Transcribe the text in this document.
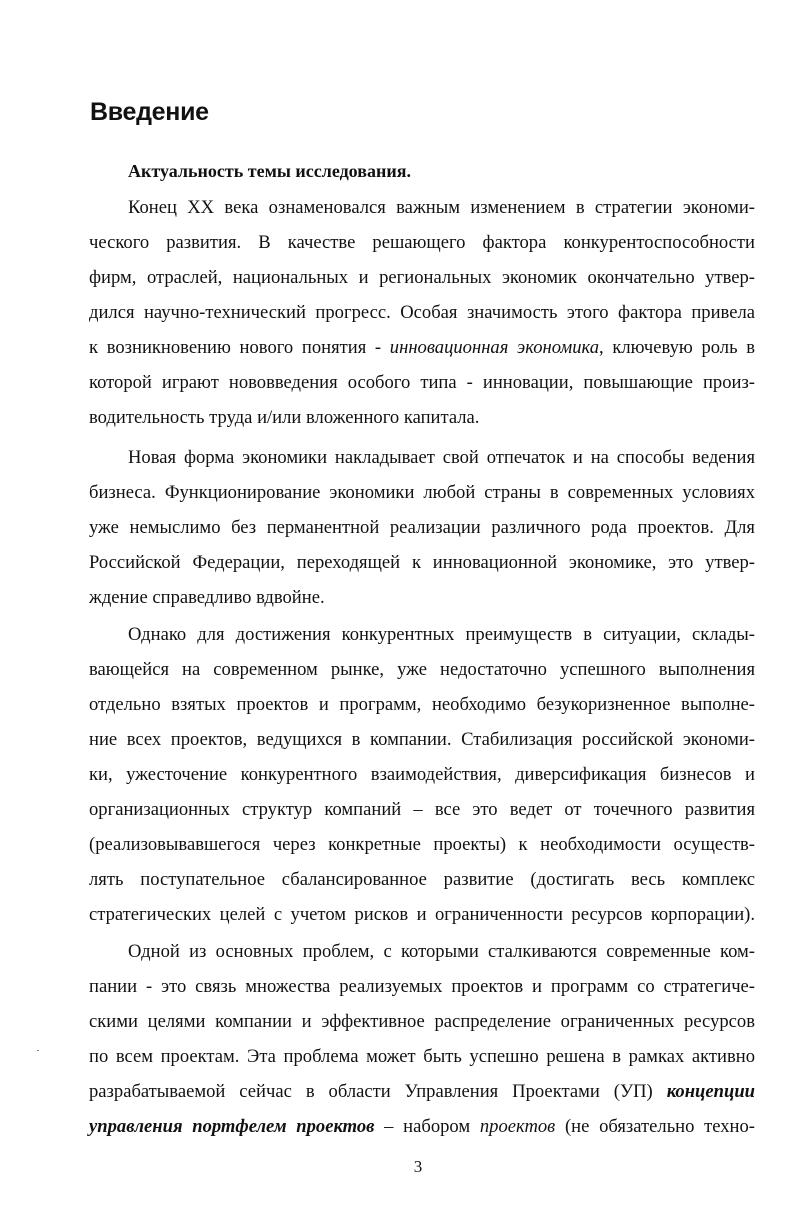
Введение
Актуальность темы исследования.
Конец XX века ознаменовался важным изменением в стратегии экономи-
ческого развития. В качестве решающего фактора конкурентоспособности
фирм, отраслей, национальных и региональных экономик окончательно утвер-
дился научно-технический прогресс. Особая значимость этого фактора привела
к возникновению нового понятия - инновационная экономика, ключевую роль в
которой играют нововведения особого типа - инновации, повышающие произ-
водительность труда и/или вложенного капитала.
Новая форма экономики накладывает свой отпечаток и на способы ведения
бизнеса. Функционирование экономики любой страны в современных условиях
уже немыслимо без перманентной реализации различного рода проектов. Для
Российской Федерации, переходящей к инновационной экономике, это утвер-
ждение справедливо вдвойне.
Однако для достижения конкурентных преимуществ в ситуации, склады-
вающейся на современном рынке, уже недостаточно успешного выполнения
отдельно взятых проектов и программ, необходимо безукоризненное выполне-
ние всех проектов, ведущихся в компании. Стабилизация российской экономи-
ки, ужесточение конкурентного взаимодействия, диверсификация бизнесов и
организационных структур компаний – все это ведет от точечного развития
(реализовывавшегося через конкретные проекты) к необходимости осуществ-
лять поступательное сбалансированное развитие (достигать весь комплекс
стратегических целей с учетом рисков и ограниченности ресурсов корпорации).
Одной из основных проблем, с которыми сталкиваются современные ком-
пании - это связь множества реализуемых проектов и программ со стратегиче-
скими целями компании и эффективное распределение ограниченных ресурсов
по всем проектам. Эта проблема может быть успешно решена в рамках активно
разрабатываемой сейчас в области Управления Проектами (УП) концепции
управления портфелем проектов – набором проектов (не обязательно техно-
3
